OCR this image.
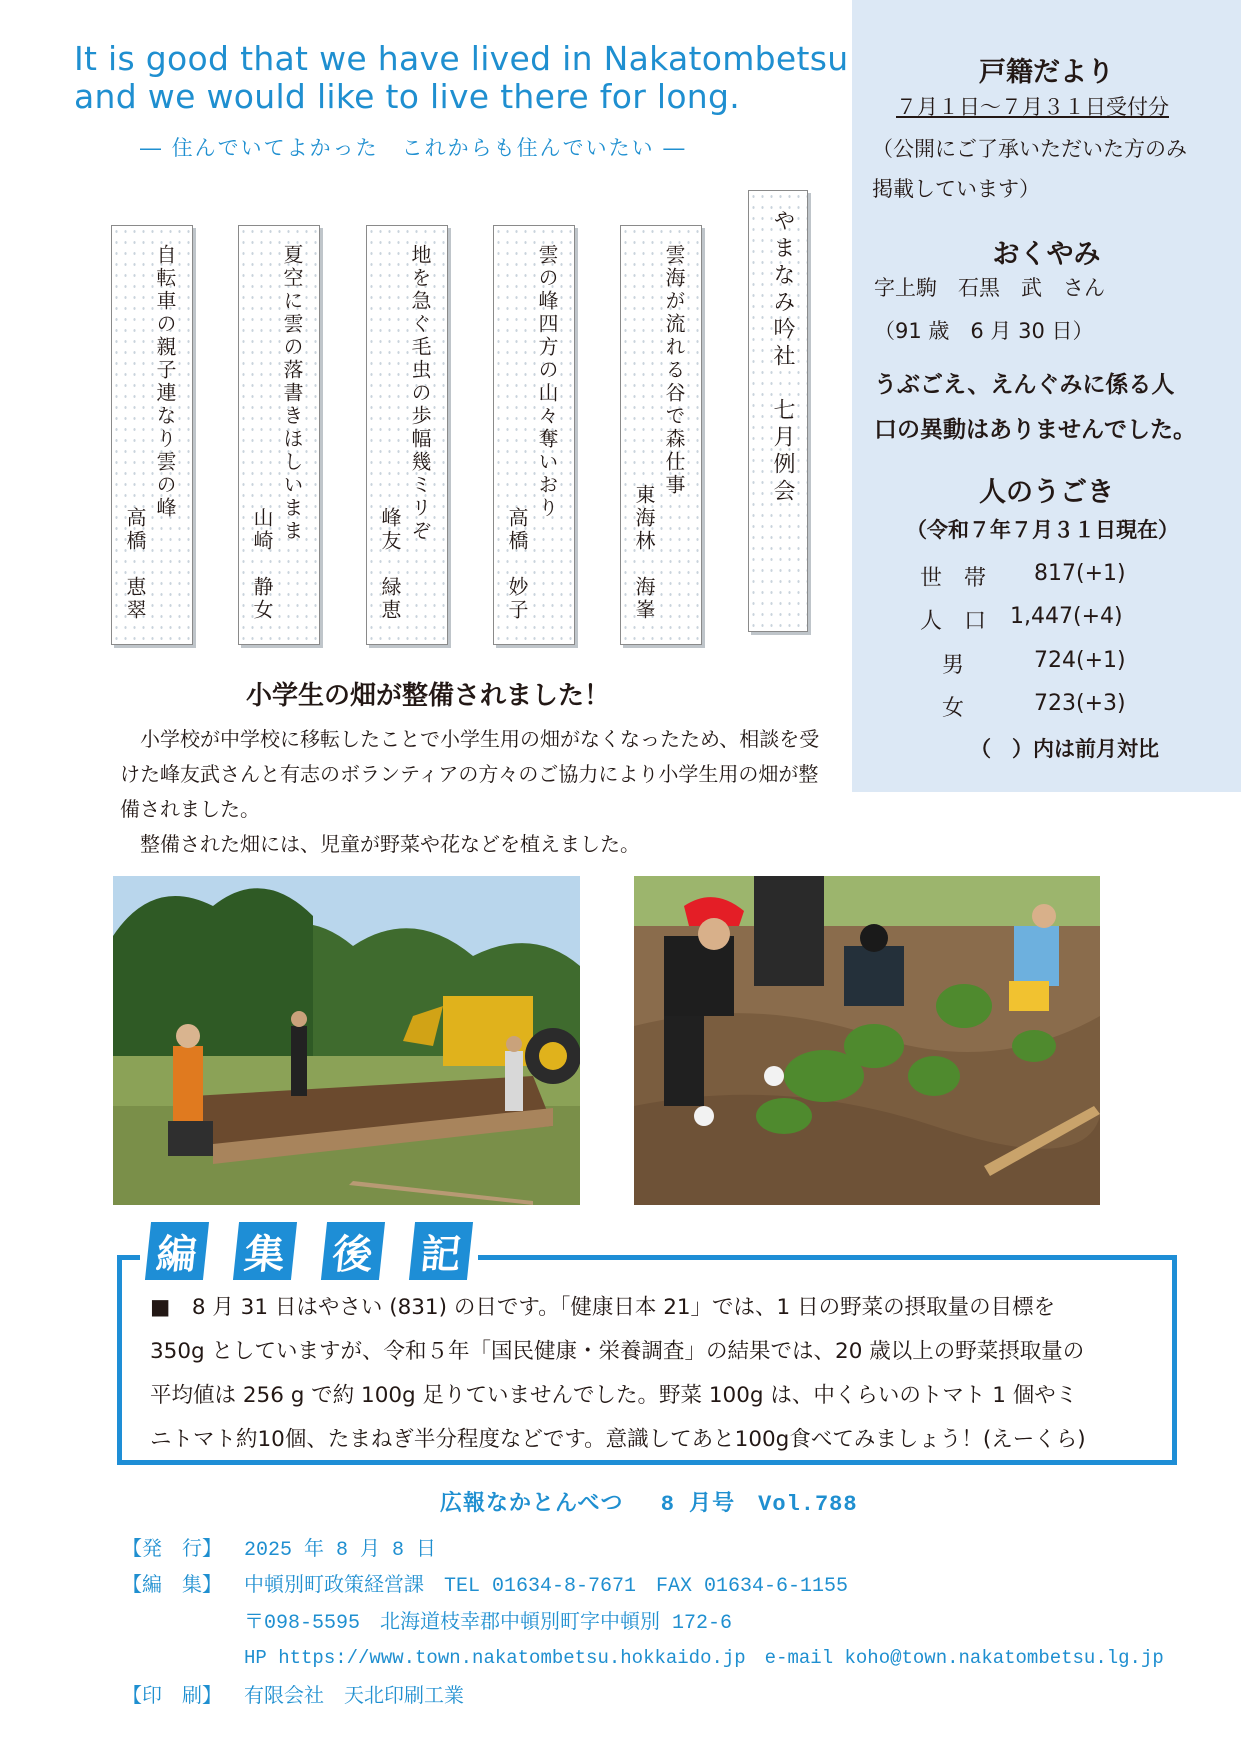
It is good that we have lived in Nakatombetsu
and we would like to live there for long.
― 住んでいてよかった　これからも住んでいたい ―
やまなみ吟社　七月例会
雲海が流れる谷で森仕事
東海林　海峯
雲の峰四方の山々奪いおり
高橋　妙子
地を急ぐ毛虫の歩幅幾ミリぞ
峰友　緑恵
夏空に雲の落書きほしいまま
山崎　静女
自転車の親子連なり雲の峰
高橋　恵翠
戸籍だより
７月１日〜７月３１日受付分
（公開にご了承いただいた方のみ
掲載しています）
おくやみ
字上駒　石黒　武　さん
（91 歳　6 月 30 日）
うぶごえ、えんぐみに係る人
口の異動はありませんでした。
人のうごき
（令和７年７月３１日現在）
世　帯 817(+1)
人　口 1,447(+4)
男	724(+1)
女	723(+3)
（　）内は前月対比
小学生の畑が整備されました！

小学校が中学校に移転したことで小学生用の畑がなくなったため、相談を受けた峰友武さんと有志のボランティアの方々のご協力により小学生用の畑が整備されました。

整備された畑には、児童が野菜や花などを植えました。

編 集 後 記
■　8 月 31 日はやさい (831) の日です。「健康日本 21」では、1 日の野菜の摂取量の目標を
350g としていますが、令和５年「国民健康・栄養調査」の結果では、20 歳以上の野菜摂取量の
平均値は 256 g で約 100g 足りていませんでした。野菜 100g は、中くらいのトマト 1 個やミ
ニトマト約10個、たまねぎ半分程度などです。意識してあと100g食べてみましょう！(えーくら)
広報なかとんべつ　 8 月号　Vol.788
【発　行】 2025 年 8 月 8 日
【編　集】 中頓別町政策経営課　TEL 01634-8-7671　FAX 01634-6-1155
〒098-5595　北海道枝幸郡中頓別町字中頓別 172-6
HP https://www.town.nakatombetsu.hokkaido.jp　e-mail koho@town.nakatombetsu.lg.jp
【印　刷】 有限会社　天北印刷工業
